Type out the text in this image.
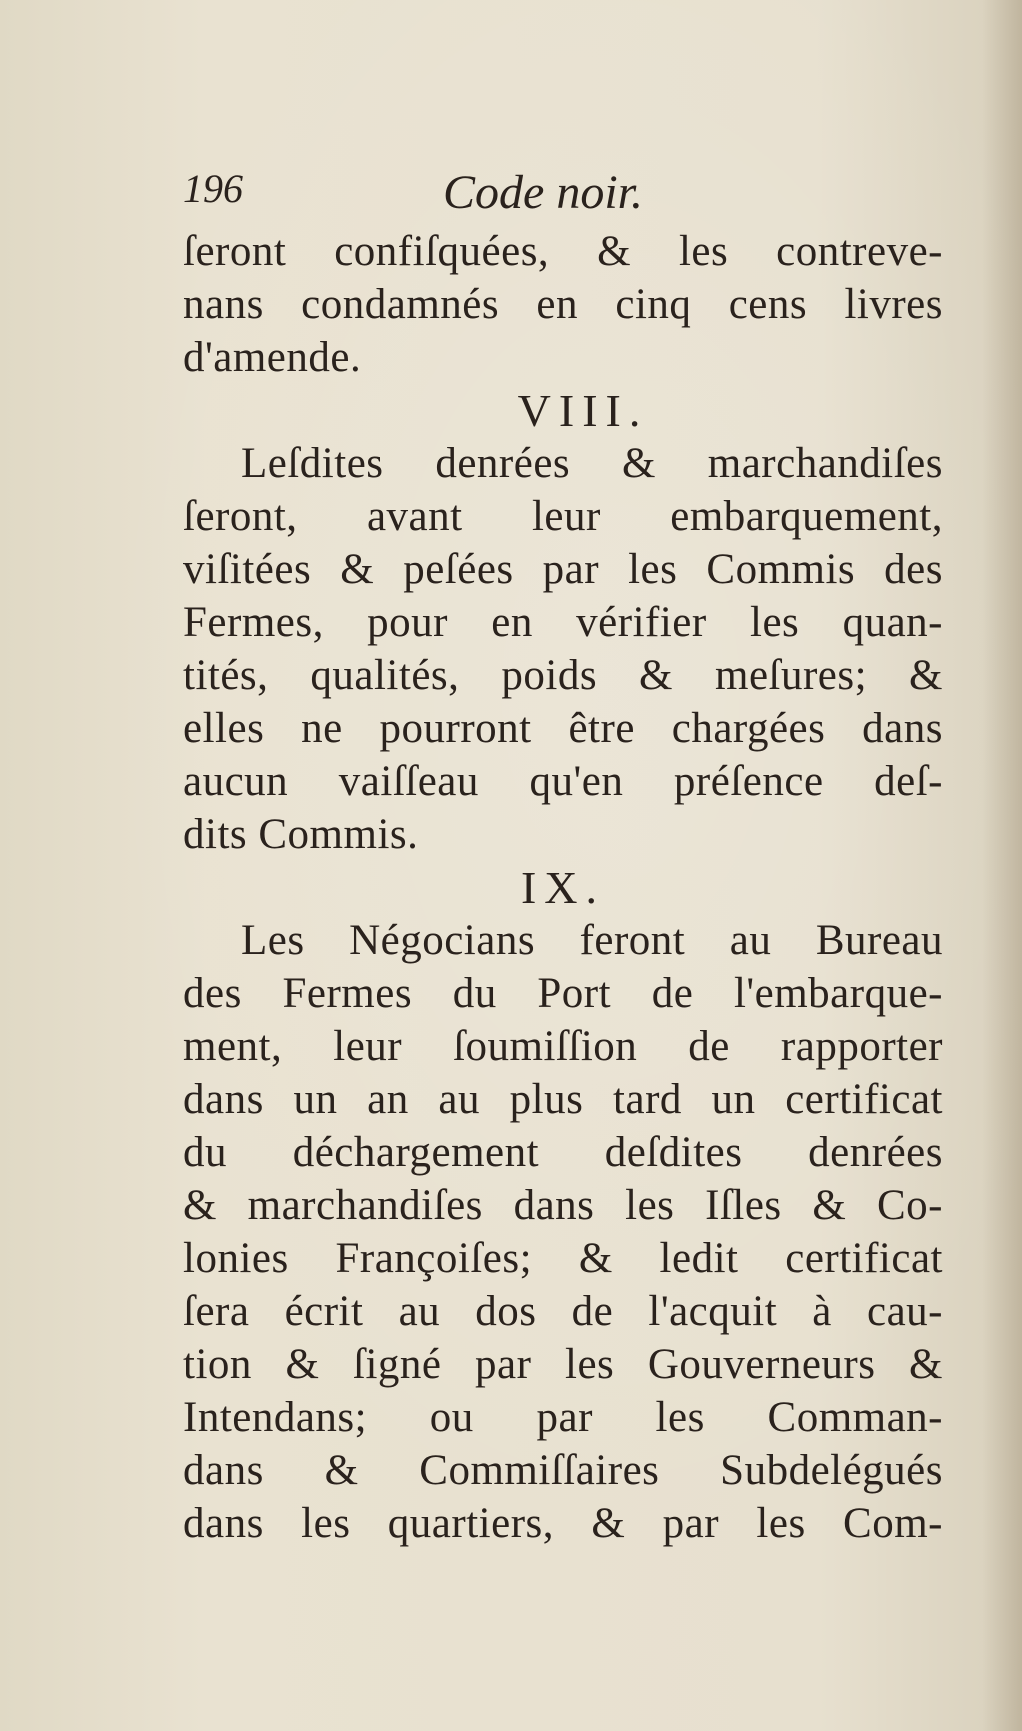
196	Code noir.
ſeront confiſquées, & les contreve-
nans condamnés en cinq cens livres
d'amende.
VIII.
Leſdites denrées & marchandiſes
ſeront, avant leur embarquement,
viſitées & peſées par les Commis des
Fermes, pour en vérifier les quan-
tités, qualités, poids & meſures; &
elles ne pourront être chargées dans
aucun vaiſſeau qu'en préſence deſ-
dits Commis.
IX.
Les Négocians feront au Bureau
des Fermes du Port de l'embarque-
ment, leur ſoumiſſion de rapporter
dans un an au plus tard un certificat
du déchargement deſdites denrées
& marchandiſes dans les Iſles & Co-
lonies Françoiſes; & ledit certificat
ſera écrit au dos de l'acquit à cau-
tion & ſigné par les Gouverneurs &
Intendans; ou par les Comman-
dans & Commiſſaires Subdelégués
dans les quartiers, & par les Com-
